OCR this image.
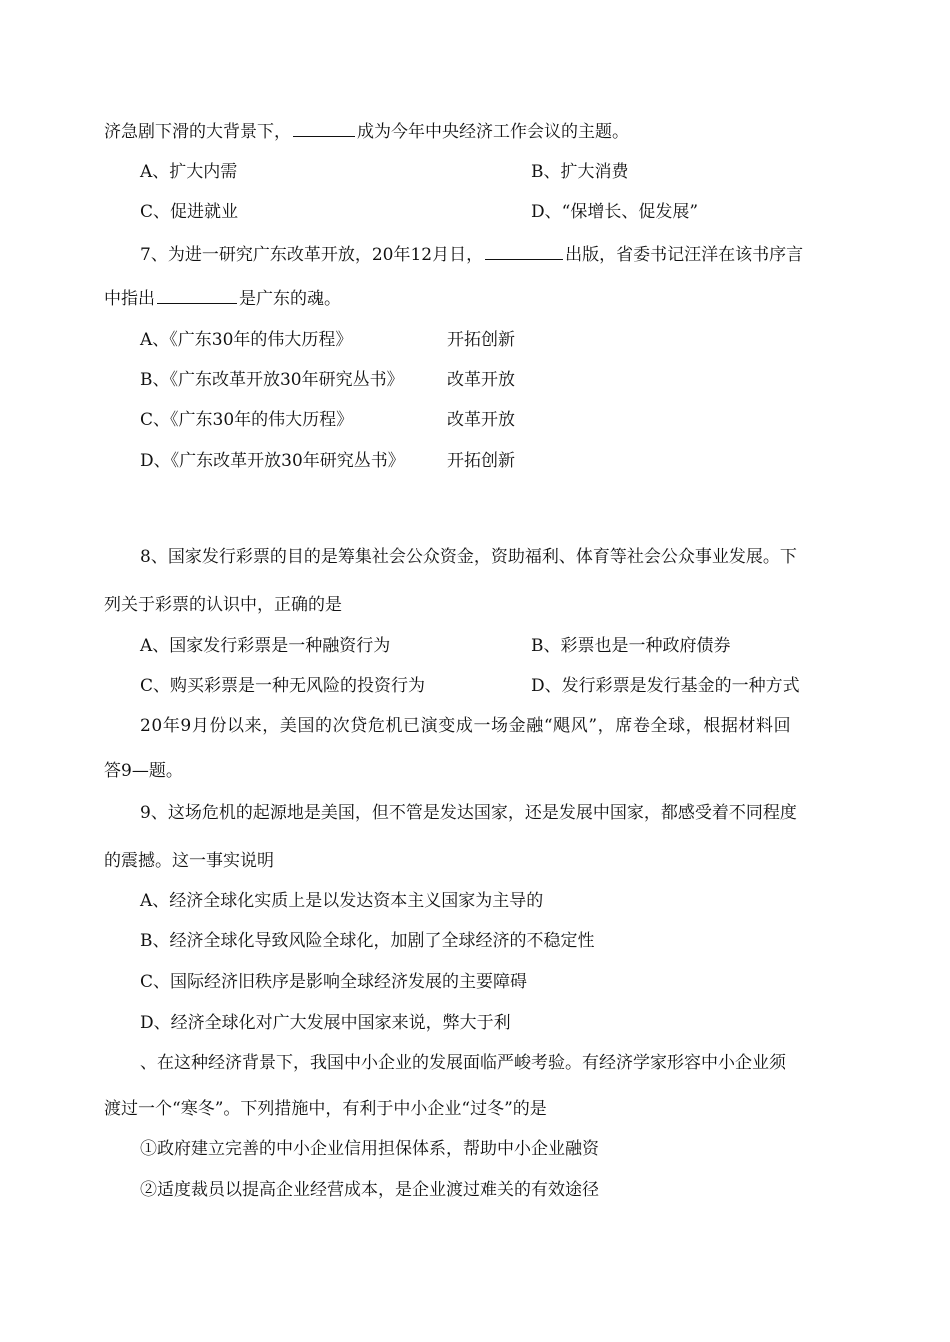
济急剧下滑的大背景下，	成为今年中央经济工作会议的主题。
A、扩大内需	B、扩大消费
C、促进就业	D、“保增长、促发展”
7、为进一研究广东改革开放，20年12月日，	出版，省委书记汪洋在该书序言
中指出	是广东的魂。
A、《广东30年的伟大历程》	开拓创新
B、《广东改革开放30年研究丛书》	改革开放
C、《广东30年的伟大历程》	改革开放
D、《广东改革开放30年研究丛书》 开拓创新
8、国家发行彩票的目的是筹集社会公众资金，资助福利、体育等社会公众事业发展。下
列关于彩票的认识中，正确的是
A、国家发行彩票是一种融资行为	B、彩票也是一种政府债券
C、购买彩票是一种无风险的投资行为	D、发行彩票是发行基金的一种方式
20年9月份以来，美国的次贷危机已演变成一场金融“飓风”，席卷全球，根据材料回
答9—题。
9、这场危机的起源地是美国，但不管是发达国家，还是发展中国家，都感受着不同程度
的震撼。这一事实说明
A、经济全球化实质上是以发达资本主义国家为主导的
B、经济全球化导致风险全球化，加剧了全球经济的不稳定性
C、国际经济旧秩序是影响全球经济发展的主要障碍
D、经济全球化对广大发展中国家来说，弊大于利
、在这种经济背景下，我国中小企业的发展面临严峻考验。有经济学家形容中小企业须
渡过一个“寒冬”。下列措施中，有利于中小企业“过冬”的是
①政府建立完善的中小企业信用担保体系，帮助中小企业融资
②适度裁员以提高企业经营成本，是企业渡过难关的有效途径
